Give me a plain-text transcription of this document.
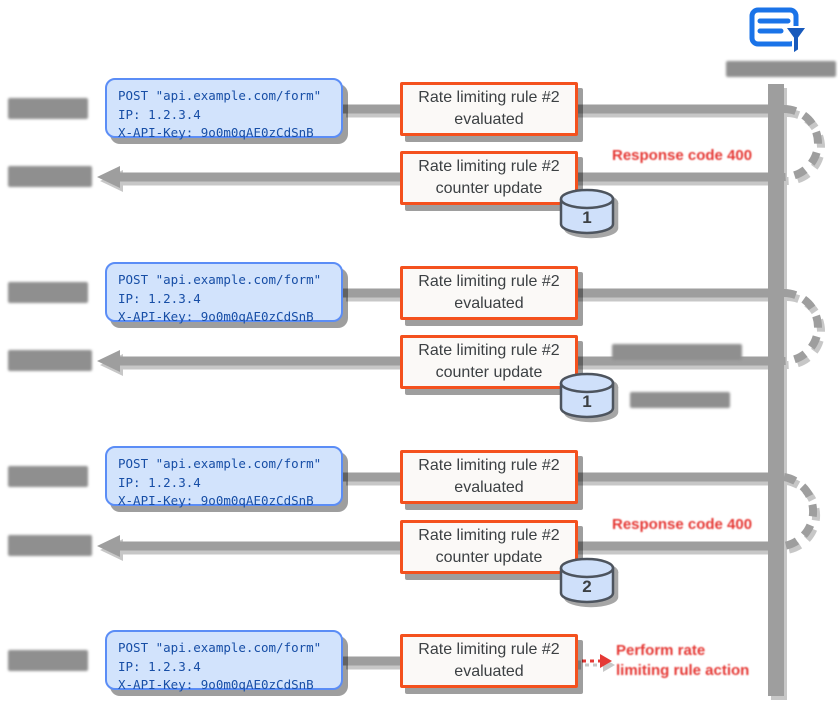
POST "api.example.com/form"
IP: 1.2.3.4
X-API-Key: 9o0m0qAE0zCdSnB
Rate limiting rule #2
evaluated
Rate limiting rule #2
counter update
Response code 400
1
POST "api.example.com/form"
IP: 1.2.3.4
X-API-Key: 9o0m0qAE0zCdSnB
Rate limiting rule #2
evaluated
Rate limiting rule #2
counter update
1
POST "api.example.com/form"
IP: 1.2.3.4
X-API-Key: 9o0m0qAE0zCdSnB
Rate limiting rule #2
evaluated
Rate limiting rule #2
counter update
Response code 400
2
POST "api.example.com/form"
IP: 1.2.3.4
X-API-Key: 9o0m0qAE0zCdSnB
Rate limiting rule #2
evaluated
Perform rate
limiting rule action
